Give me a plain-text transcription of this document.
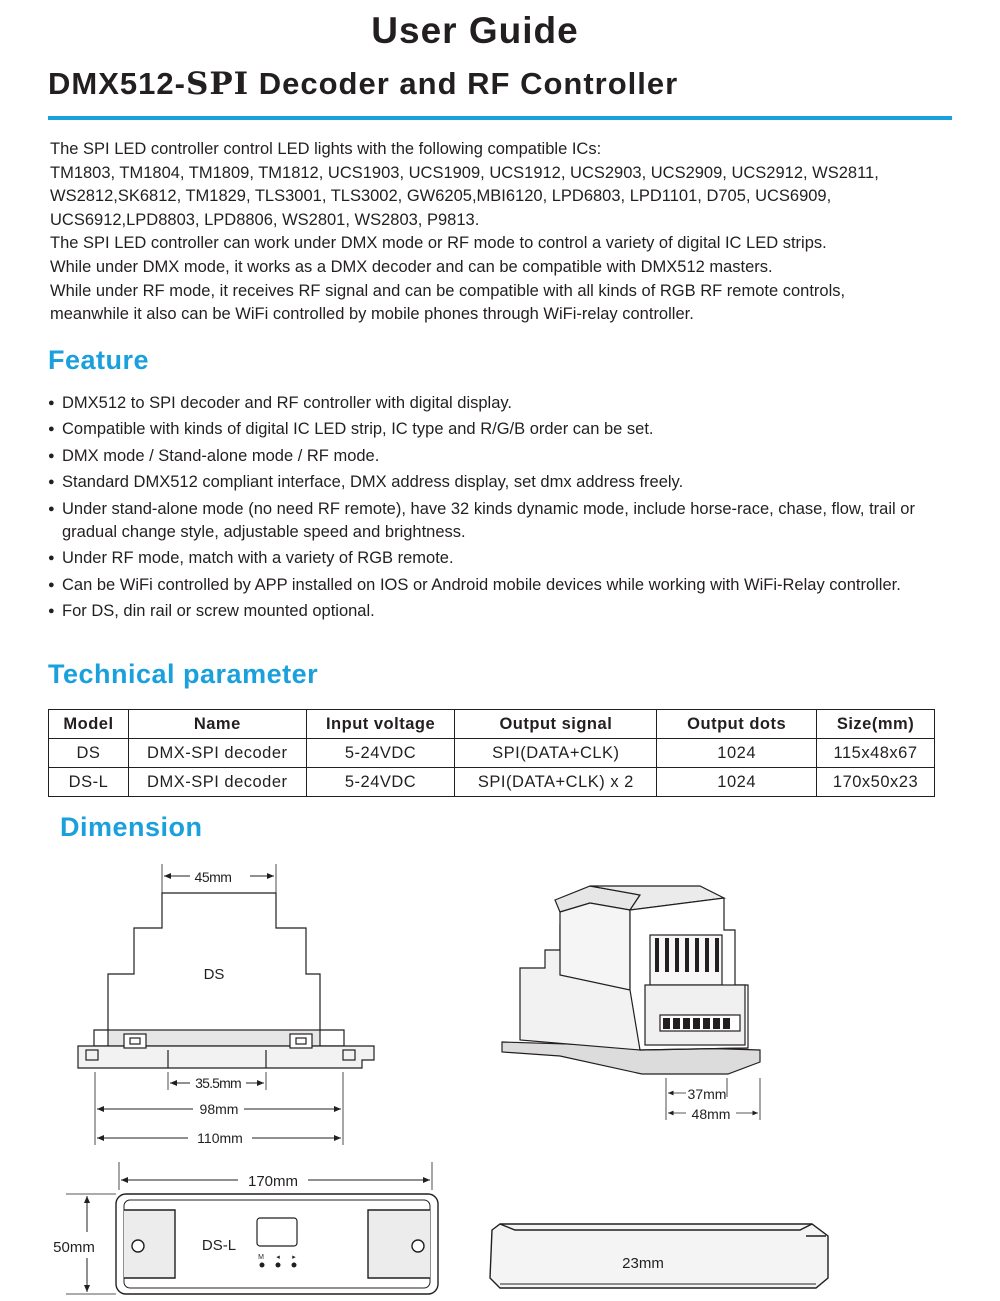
User Guide
DMX512-SPI Decoder and RF Controller
The SPI LED controller control LED lights with the following compatible ICs:
TM1803, TM1804, TM1809, TM1812, UCS1903, UCS1909, UCS1912, UCS2903, UCS2909, UCS2912, WS2811,
WS2812,SK6812, TM1829, TLS3001, TLS3002, GW6205,MBI6120, LPD6803, LPD1101, D705, UCS6909,
UCS6912,LPD8803, LPD8806, WS2801, WS2803, P9813.
The SPI LED controller can work under DMX mode or RF mode to control a variety of digital IC LED strips.
While under DMX mode, it works as a DMX decoder and can be compatible with DMX512 masters.
While under RF mode, it receives RF signal and can be compatible with all kinds of RGB RF remote controls,
meanwhile it also can be WiFi controlled by mobile phones through WiFi-relay controller.
Feature
● DMX512 to SPI decoder and RF controller with digital display.
● Compatible with kinds of digital IC LED strip, IC type and R/G/B order can be set.
● DMX mode / Stand-alone mode / RF mode.
● Standard DMX512 compliant interface, DMX address display, set dmx address freely.
● Under stand-alone mode (no need RF remote), have 32 kinds dynamic mode, include horse-race, chase, flow, trail or gradual change style, adjustable speed and brightness.
● Under RF mode, match with a variety of RGB remote.
● Can be WiFi controlled by APP installed on IOS or Android mobile devices while working with WiFi-Relay controller.
● For DS, din rail or screw mounted optional.
Technical parameter
Model	Name	Input voltage	Output signal	Output dots	Size(mm)
DS	DMX-SPI decoder	5-24VDC	SPI(DATA+CLK)	1024	115x48x67
DS-L	DMX-SPI decoder	5-24VDC	SPI(DATA+CLK) x 2	1024	170x50x23
Dimension
DS
45mm
35.5mm
98mm
110mm
37mm
48mm
170mm
50mm
M ◂ ▸
DS-L
23mm
